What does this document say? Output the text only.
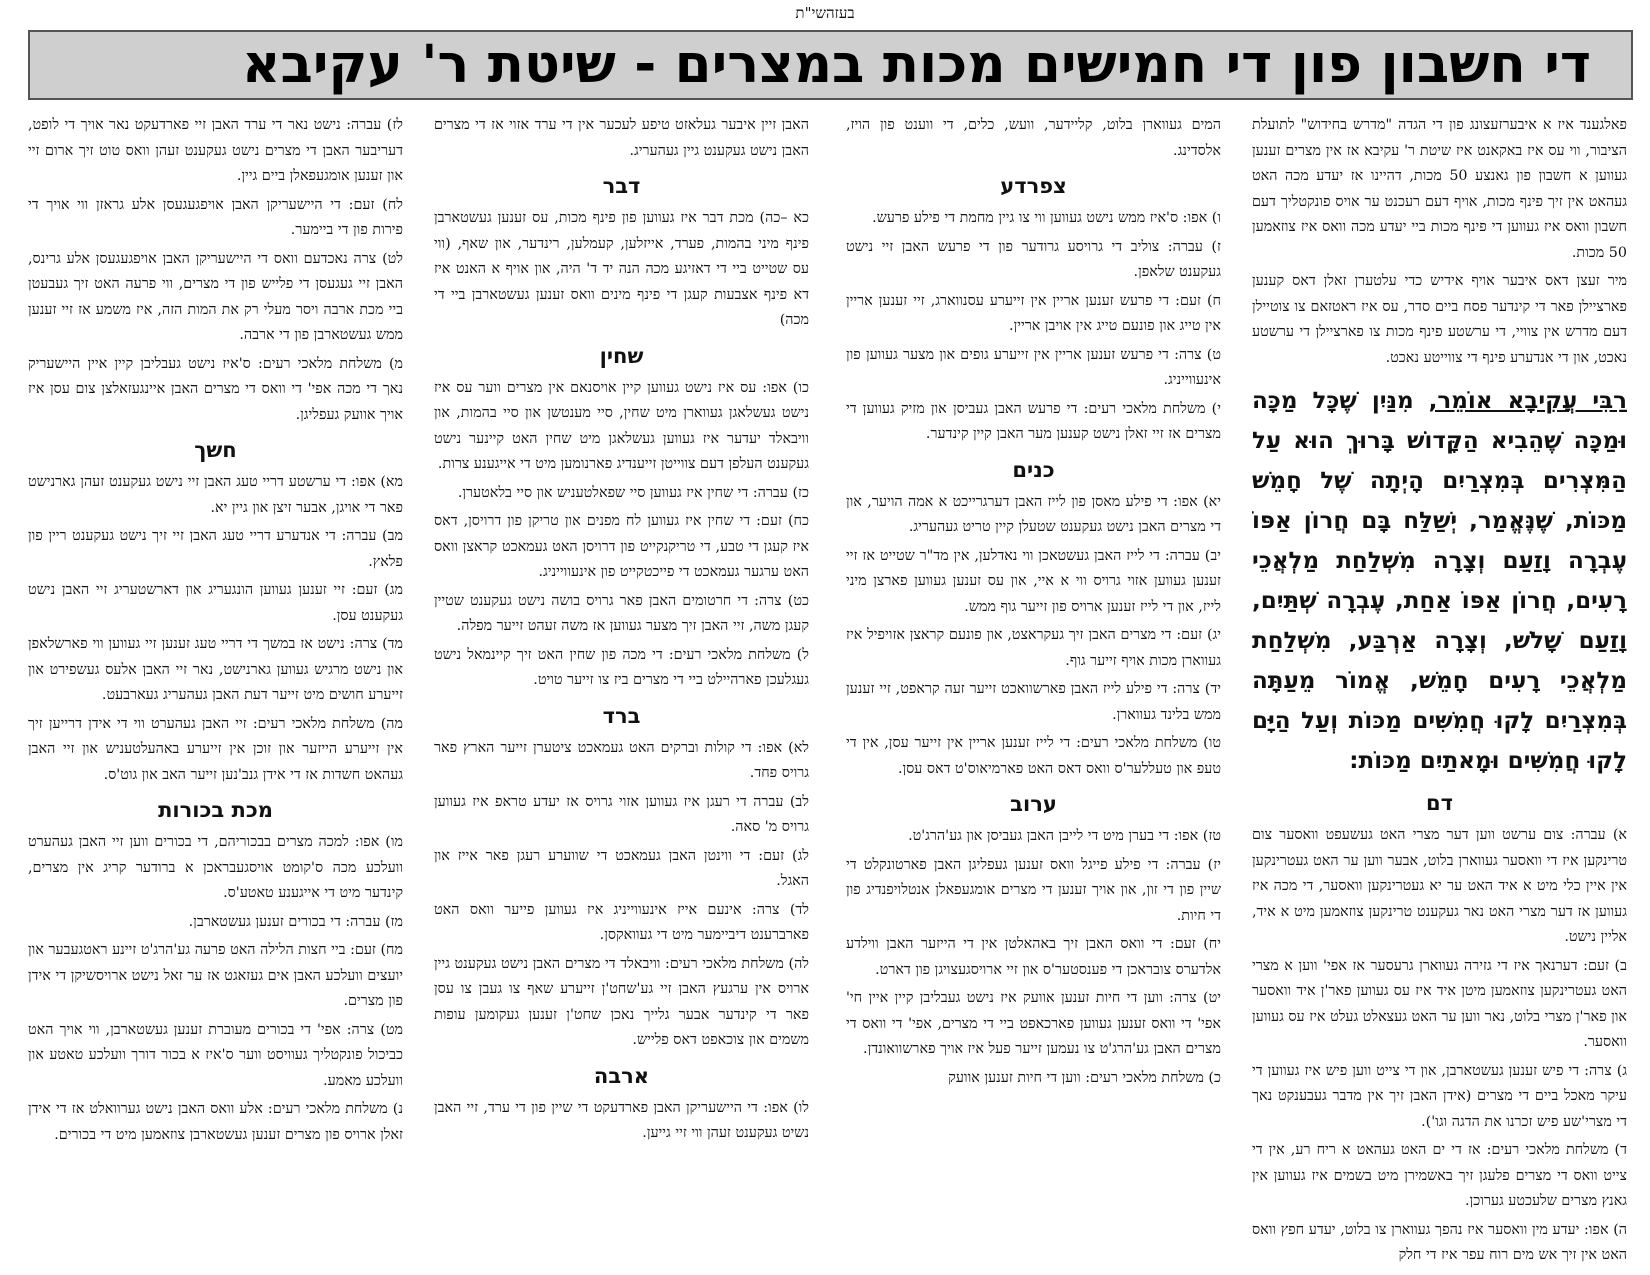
בעזהשי"ת
די חשבון פון די חמישים מכות במצרים - שיטת ר' עקיבא

פאלגענד איז א איבערזעצונג פון די הגדה "מדרש בחידוש" לתועלת הציבור, ווי עס איז באקאנט איז שיטת ר' עקיבא אז אין מצרים זענען געווען א חשבון פון גאנצע 50 מכות, דהיינו אז יעדע מכה האט געהאט אין זיך פינף מכות, אויף דעם רעכנט ער אויס פונקטליך דעם חשבון וואס איז געווען די פינף מכות ביי יעדע מכה וואס איז צוזאמען 50 מכות.

מיר זעצן דאס איבער אויף אידיש כדי עלטערן זאלן דאס קענען פארציילן פאר די קינדער פסח ביים סדר, עס איז ראטזאם צו צוטיילן דעם מדרש אין צוויי, די ערשטע פינף מכות צו פארציילן די ערשטע נאכט, און די אנדערע פינף די צווייטע נאכט.

רַבִּי עֲקִיבָא אוֹמֵר, מִנַּיִן שֶׁכָּל מַכָּה וּמַכָּה שֶׁהֵבִיא הַקָּדוֹשׁ בָּרוּךְ הוּא עַל הַמִּצְרִים בְּמִצְרַיִם הָיְתָה שֶׁל חָמֵשׁ מַכּוֹת, שֶׁנֶּאֱמַר, יְשַׁלַּח בָּם חֲרוֹן אַפּוֹ עֶבְרָה וָזַעַם וְצָרָה מִשְׁלַחַת מַלְאֲכֵי רָעִים, חֲרוֹן אַפּוֹ אַחַת, עֶבְרָה שְׁתַּיִם, וָזַעַם שָׁלֹשׁ, וְצָרָה אַרְבַּע, מִשְׁלַחַת מַלְאֲכֵי רָעִים חָמֵשׁ, אֱמוֹר מֵעַתָּה בְּמִצְרַיִם לָקוּ חֲמִשִּׁים מַכּוֹת וְעַל הַיָּם לָקוּ חֲמִשִּׁים וּמָאתַיִם מַכּוֹת:
דם

א) עברה: צום ערשט ווען דער מצרי האט געשעפט וואסער צום טרינקען איז די וואסער געווארן בלוט, אבער ווען ער האט געטרינקען אין איין כלי מיט א איד האט ער יא געטרינקען וואסער, די מכה איז געווען אז דער מצרי האט נאר געקענט טרינקען צוזאמען מיט א איד, אליין נישט.

ב) זעם: דערנאך איז די גזירה געווארן גרעסער אז אפי' ווען א מצרי האט געטרינקען צוזאמען מיטן איד איז עס געווען פאר'ן איד וואסער און פאר'ן מצרי בלוט, נאר ווען ער האט געצאלט געלט איז עס געווען וואסער.

ג) צרה: די פיש זענען געשטארבן, און די צייט ווען פיש איז געווען די עיקר מאכל ביים די מצרים (אידן האבן זיך אין מדבר געבענקט נאך די מצרי'שע פיש זכרנו את הדגה וגו').

ד) משלחת מלאכי רעים: אז די ים האט געהאט א ריח רע, אין די צייט וואס די מצרים פלעגן זיך באשמירן מיט בשמים איז געווען אין גאנץ מצרים שלעכטע גערוכן.

ה) אפו: יעדע מין וואסער איז נהפך געווארן צו בלוט, יעדע חפץ וואס האט אין זיך אש מים רוח עפר איז די חלק

המים געווארן בלוט, קליידער, וועש, כלים, די ווענט פון הויז, אלסדינג.

צפרדע

ו) אפו: ס'איז ממש נישט געווען ווי צו גיין מחמת די פילע פרעש.

ז) עברה: צוליב די גרויסע גרודער פון די פרעש האבן זיי נישט געקענט שלאפן.

ח) זעם: די פרעש זענען אריין אין זייערע עסנווארג, זיי זענען אריין אין טייג און פונעם טייג אין אויבן אריין.

ט) צרה: די פרעש זענען אריין אין זייערע גופים און מצער געווען פון אינעווייניג.

י) משלחת מלאכי רעים: די פרעש האבן געביסן און מזיק געווען די מצרים אז זיי זאלן נישט קענען מער האבן קיין קינדער.

כנים

יא) אפו: די פילע מאסן פון לייז האבן דערגרייכט א אמה הויער, און די מצרים האבן נישט געקענט שטעלן קיין טריט געהעריג.

יב) עברה: די לייז האבן געשטאכן ווי נאדלען, אין מד"ר שטייט אז זיי זענען געווען אזוי גרויס ווי א איי, און עס זענען געווען פארצן מיני לייז, און די לייז זענען ארויס פון זייער גוף ממש.

יג) זעם: די מצרים האבן זיך געקראצט, און פונעם קראצן אזויפיל איז געווארן מכות אויף זייער גוף.

יד) צרה: די פילע לייז האבן פארשוואכט זייער זעה קראפט, זיי זענען ממש בלינד געווארן.

טו) משלחת מלאכי רעים: די לייז זענען אריין אין זייער עסן, אין די טעפ און טעללער'ס וואס דאס האט פארמיאוס'ט דאס עסן.

ערוב

טז) אפו: די בערן מיט די לייבן האבן געביסן און גע'הרג'ט.

יז) עברה: די פילע פייגל וואס זענען געפליגן האבן פארטונקלט די שיין פון די זון, און אויך זענען די מצרים אומגעפאלן אנטלויפנדיג פון די חיות.

יח) זעם: די וואס האבן זיך באהאלטן אין די הייזער האבן ווילדע אלדערס צובראכן די פענסטער'ס און זיי ארויסגעצויגן פון דארט.

יט) צרה: ווען די חיות זענען אוועק איז נישט געבליבן קיין איין חי' אפי' די וואס זענען געווען פארכאפט ביי די מצרים, אפי' די וואס די מצרים האבן גע'הרג'ט צו נעמען זייער פעל איז אויך פארשוואונדן.

כ) משלחת מלאכי רעים: ווען די חיות זענען אוועק

האבן זיין איבער געלאזט טיפע לעכער אין די ערד אזוי אז די מצרים האבן נישט געקענט גיין געהעריג.

דבר

כא –כה) מכת דבר איז געווען פון פינף מכות, עס זענען געשטארבן פינף מיני בהמות, פערד, אייזלען, קעמלען, רינדער, און שאף, (ווי עס שטייט ביי די דאזיגע מכה הנה יד ד' היה, און אויף א האנט איז דא פינף אצבעות קעגן די פינף מינים וואס זענען געשטארבן ביי די מכה)

שחין

כו) אפו: עס איז נישט געווען קיין אויסנאם אין מצרים ווער עס איז נישט געשלאגן געווארן מיט שחין, סיי מענטשן און סיי בהמות, און וויבאלד יעדער איז געווען געשלאגן מיט שחין האט קיינער נישט געקענט העלפן דעם צווייטן זייענדיג פארנומען מיט די אייגענע צרות.

כז) עברה: די שחין איז געווען סיי שפאלטעניש און סיי בלאטערן.

כח) זעם: די שחין איז געווען לח מפנים און טריקן פון דרויסן, דאס איז קעגן די טבע, די טריקנקייט פון דרויסן האט געמאכט קראצן וואס האט ערגער געמאכט די פייכטקייט פון אינעווייניג.

כט) צרה: די חרטומים האבן פאר גרויס בושה נישט געקענט שטיין קעגן משה, זיי האבן זיך מצער געווען אז משה זעהט זייער מפלה.

ל) משלחת מלאכי רעים: די מכה פון שחין האט זיך קיינמאל נישט געגלעכן פארהיילט ביי די מצרים ביז צו זייער טויט.

ברד

לא) אפו: די קולות וברקים האט געמאכט ציטערן זייער הארץ פאר גרויס פחד.

לב) עברה די רעגן איז געווען אזוי גרויס אז יעדע טראפ איז געווען גרויס מ' סאה.

לג) זעם: די ווינטן האבן געמאכט די שווערע רעגן פאר אייז און האגל.

לד) צרה: אינעם אייז אינעווייניג איז געווען פייער וואס האט פארברענט דיביימער מיט די געוואקסן.

לה) משלחת מלאכי רעים: וויבאלד די מצרים האבן נישט געקענט גיין ארויס אין ערגעץ האבן זיי גע'שחט'ן זייערע שאף צו געבן צו עסן פאר די קינדער אבער גלייך נאכן שחט'ן זענען געקומען עופות משמים און צוכאפט דאס פלייש.

ארבה

לו) אפו: די היישעריקן האבן פארדעקט די שיין פון די ערד, זיי האבן נשיט געקענט זעהן ווי זיי גייען.

לז) עברה: נישט נאר די ערד האבן זיי פארדעקט נאר אויך די לופט, דעריבער האבן די מצרים נישט געקענט זעהן וואס טוט זיך ארום זיי און זענען אומגעפאלן ביים גיין.

לח) זעם: די היישעריקן האבן אויפגעגעסן אלע גראזן ווי אויך די פירות פון די ביימער.

לט) צרה נאכדעם וואס די היישעריקן האבן אויפגעגעסן אלע גרינס, האבן זיי געגעסן די פלייש פון די מצרים, ווי פרעה האט זיך געבעטן ביי מכת ארבה ויסר מעלי רק את המות הזה, איז משמע אז זיי זענען ממש געשטארבן פון די ארבה.

מ) משלחת מלאכי רעים: ס'איז נישט געבליבן קיין איין היישעריק נאך די מכה אפי' די וואס די מצרים האבן איינגעזאלצן צום עסן איז אויך אוועק געפליגן.

חשך

מא) אפו: די ערשטע דריי טעג האבן זיי נישט געקענט זעהן גארנישט פאר די אויגן, אבער זיצן און גיין יא.

מב) עברה: די אנדערע דריי טעג האבן זיי זיך נישט געקענט ריין פון פלאץ.

מג) זעם: זיי זענען געווען הונגעריג און דארשטעריג זיי האבן נישט געקענט עסן.

מד) צרה: נישט אז במשך די דריי טעג זענען זיי געווען ווי פארשלאפן און נישט מרגיש געווען גארנישט, נאר זיי האבן אלעס געשפירט און זייערע חושים מיט זייער דעת האבן געהעריג געארבעט.

מה) משלחת מלאכי רעים: זיי האבן געהערט ווי די אידן דרייען זיך אין זייערע הייזער און זוכן אין זייערע באהעלטעניש און זיי האבן געהאט חשדות אז די אידן גנב'נען זייער האב און גוט'ס.

מכת בכורות

מו) אפו: למכה מצרים בבכוריהם, די בכורים ווען זיי האבן געהערט וועלכע מכה ס'קומט אויסגעבראכן א ברודער קריג אין מצרים, קינדער מיט די אייגענע טאטע'ס.

מז) עברה: די בכורים זענען געשטארבן.

מח) זעם: ביי חצות הלילה האט פרעה גע'הרג'ט זיינע ראטגעבער און יועצים וועלכע האבן אים געזאגט אז ער זאל נישט ארויסשיקן די אידן פון מצרים.

מט) צרה: אפי' די בכורים מעוברת זענען געשטארבן, ווי אויך האט כביכול פונקטליך געוויסט ווער ס'איז א בכור דורך וועלכע טאטע און וועלכע מאמע.

נ) משלחת מלאכי רעים: אלע וואס האבן נישט גערוואלט אז די אידן זאלן ארויס פון מצרים זענען געשטארבן צוזאמען מיט די בכורים.
